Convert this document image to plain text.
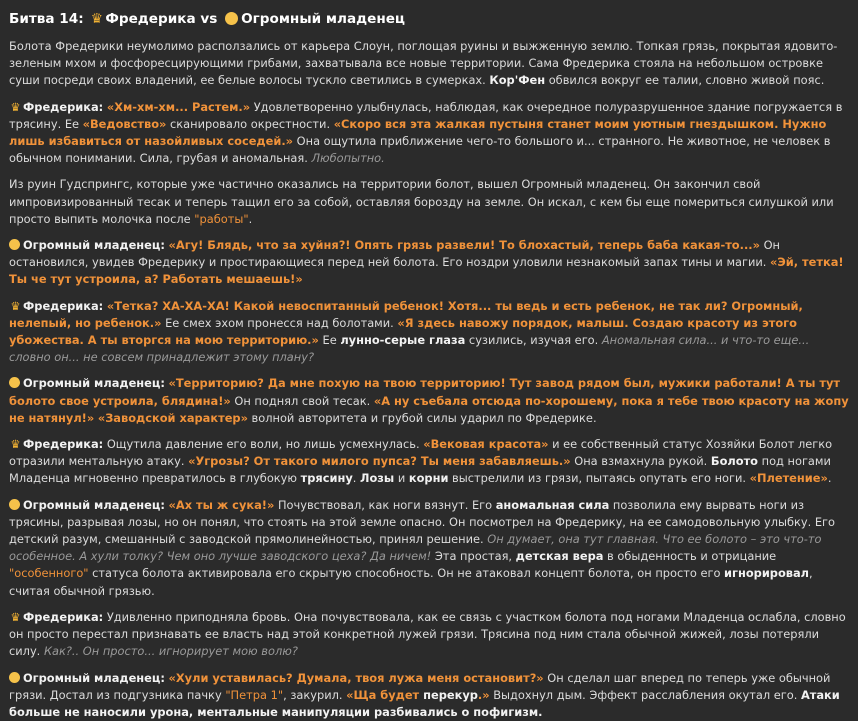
Битва 14: ♛ Фредерика vs Огромный младенец

Болота Фредерики неумолимо расползались от карьера Слоун, поглощая руины и выжженную землю. Топкая грязь, покрытая ядовито-зеленым мхом и фосфоресцирующими грибами, захватывала все новые территории. Сама Фредерика стояла на небольшом островке суши посреди своих владений, ее белые волосы тускло светились в сумерках. Кор'Фен обвился вокруг ее талии, словно живой пояс.

♛ Фредерика: «Хм-хм-хм... Растем.» Удовлетворенно улыбнулась, наблюдая, как очередное полуразрушенное здание погружается в трясину. Ее «Ведовство» сканировало окрестности. «Скоро вся эта жалкая пустыня станет моим уютным гнездышком. Нужно лишь избавиться от назойливых соседей.» Она ощутила приближение чего-то большого и... странного. Не животное, не человек в обычном понимании. Сила, грубая и аномальная. Любопытно.

Из руин Гудспрингс, которые уже частично оказались на территории болот, вышел Огромный младенец. Он закончил свой импровизированный тесак и теперь тащил его за собой, оставляя борозду на земле. Он искал, с кем бы еще помериться силушкой или просто выпить молочка после "работы".

Огромный младенец: «Агу! Блядь, что за хуйня?! Опять грязь развели! То блохастый, теперь баба какая-то...» Он остановился, увидев Фредерику и простирающиеся перед ней болота. Его ноздри уловили незнакомый запах тины и магии. «Эй, тетка! Ты че тут устроила, а? Работать мешаешь!»

♛ Фредерика: «Тетка? ХА-ХА-ХА! Какой невоспитанный ребенок! Хотя... ты ведь и есть ребенок, не так ли? Огромный, нелепый, но ребенок.» Ее смех эхом пронесся над болотами. «Я здесь навожу порядок, малыш. Создаю красоту из этого убожества. А ты вторгся на мою территорию.» Ее лунно-серые глаза сузились, изучая его. Аномальная сила... и что-то еще... словно он... не совсем принадлежит этому плану?

Огромный младенец: «Территорию? Да мне похую на твою территорию! Тут завод рядом был, мужики работали! А ты тут болото свое устроила, блядина!» Он поднял свой тесак. «А ну съебала отсюда по-хорошему, пока я тебе твою красоту на жопу не натянул!» «Заводской характер» волной авторитета и грубой силы ударил по Фредерике.

♛ Фредерика: Ощутила давление его воли, но лишь усмехнулась. «Вековая красота» и ее собственный статус Хозяйки Болот легко отразили ментальную атаку. «Угрозы? От такого милого пупса? Ты меня забавляешь.» Она взмахнула рукой. Болото под ногами Младенца мгновенно превратилось в глубокую трясину. Лозы и корни выстрелили из грязи, пытаясь опутать его ноги. «Плетение».

Огромный младенец: «Ах ты ж сука!» Почувствовал, как ноги вязнут. Его аномальная сила позволила ему вырвать ноги из трясины, разрывая лозы, но он понял, что стоять на этой земле опасно. Он посмотрел на Фредерику, на ее самодовольную улыбку. Его детский разум, смешанный с заводской прямолинейностью, принял решение. Он думает, она тут главная. Что ее болото – это что-то особенное. А хули толку? Чем оно лучше заводского цеха? Да ничем! Эта простая, детская вера в обыденность и отрицание "особенного" статуса болота активировала его скрытую способность. Он не атаковал концепт болота, он просто его игнорировал, считая обычной грязью.

♛ Фредерика: Удивленно приподняла бровь. Она почувствовала, как ее связь с участком болота под ногами Младенца ослабла, словно он просто перестал признавать ее власть над этой конкретной лужей грязи. Трясина под ним стала обычной жижей, лозы потеряли силу. Как?.. Он просто... игнорирует мою волю?

Огромный младенец: «Хули уставилась? Думала, твоя лужа меня остановит?» Он сделал шаг вперед по теперь уже обычной грязи. Достал из подгузника пачку "Петра 1", закурил. «Ща будет перекур.» Выдохнул дым. Эффект расслабления окутал его. Атаки больше не наносили урона, ментальные манипуляции разбивались о пофигизм.
